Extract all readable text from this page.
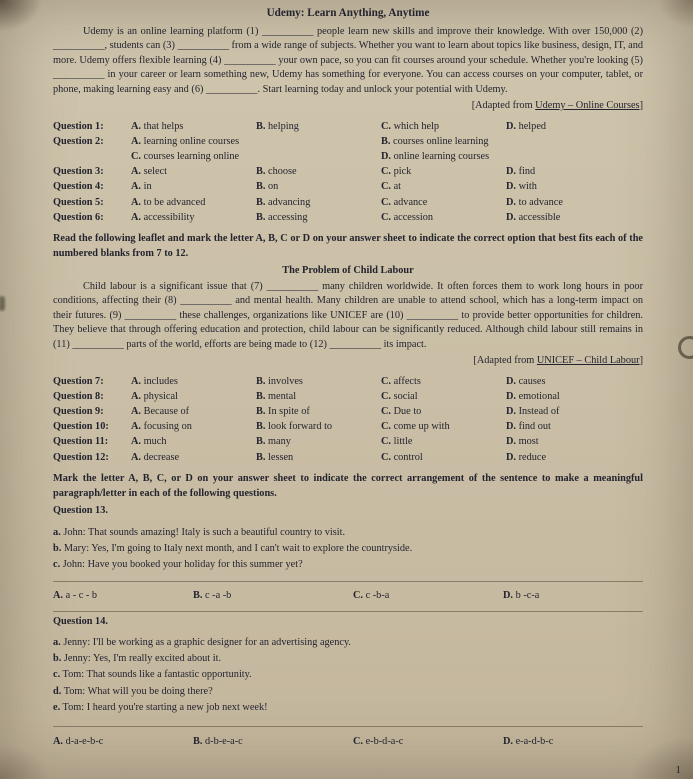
Udemy: Learn Anything, Anytime

Udemy is an online learning platform (1) __________ people learn new skills and improve their knowledge. With over 150,000 (2) __________, students can (3) __________ from a wide range of subjects. Whether you want to learn about topics like business, design, IT, and more. Udemy offers flexible learning (4) __________ your own pace, so you can fit courses around your schedule. Whether you're looking (5) __________ in your career or learn something new, Udemy has something for everyone. You can access courses on your computer, tablet, or phone, making learning easy and (6) __________. Start learning today and unlock your potential with Udemy.

[Adapted from Udemy – Online Courses]
Question 1:	A. that helps	B. helping	C. which help	D. helped
Question 2:	A. learning online courses	B. courses online learning
C. courses learning online	D. online learning courses
Question 3:	A. select	B. choose	C. pick	D. find
Question 4:	A. in	B. on	C. at	D. with
Question 5:	A. to be advanced	B. advancing	C. advance	D. to advance
Question 6:	A. accessibility	B. accessing	C. accession	D. accessible
Read the following leaflet and mark the letter A, B, C or D on your answer sheet to indicate the correct option that best fits each of the numbered blanks from 7 to 12.
The Problem of Child Labour

Child labour is a significant issue that (7) __________ many children worldwide. It often forces them to work long hours in poor conditions, affecting their (8) __________ and mental health. Many children are unable to attend school, which has a long-term impact on their futures. (9) __________ these challenges, organizations like UNICEF are (10) __________ to provide better opportunities for children. They believe that through offering education and protection, child labour can be significantly reduced. Although child labour still remains in (11) __________ parts of the world, efforts are being made to (12) __________ its impact.

[Adapted from UNICEF – Child Labour]
Question 7:	A. includes	B. involves	C. affects	D. causes
Question 8:	A. physical	B. mental	C. social	D. emotional
Question 9:	A. Because of	B. In spite of	C. Due to	D. Instead of
Question 10:	A. focusing on	B. look forward to	C. come up with	D. find out
Question 11:	A. much	B. many	C. little	D. most
Question 12:	A. decrease	B. lessen	C. control	D. reduce
Mark the letter A, B, C, or D on your answer sheet to indicate the correct arrangement of the sentence to make a meaningful paragraph/letter in each of the following questions.
Question 13.
a. John: That sounds amazing! Italy is such a beautiful country to visit.
b. Mary: Yes, I'm going to Italy next month, and I can't wait to explore the countryside.
c. John: Have you booked your holiday for this summer yet?
A. a - c - b	B. c -a -b	C. c -b-a	D. b -c-a
Question 14.
a. Jenny: I'll be working as a graphic designer for an advertising agency.
b. Jenny: Yes, I'm really excited about it.
c. Tom: That sounds like a fantastic opportunity.
d. Tom: What will you be doing there?
e. Tom: I heard you're starting a new job next week!
A. d-a-e-b-c	B. d-b-e-a-c	C. e-b-d-a-c	D. e-a-d-b-c
1
